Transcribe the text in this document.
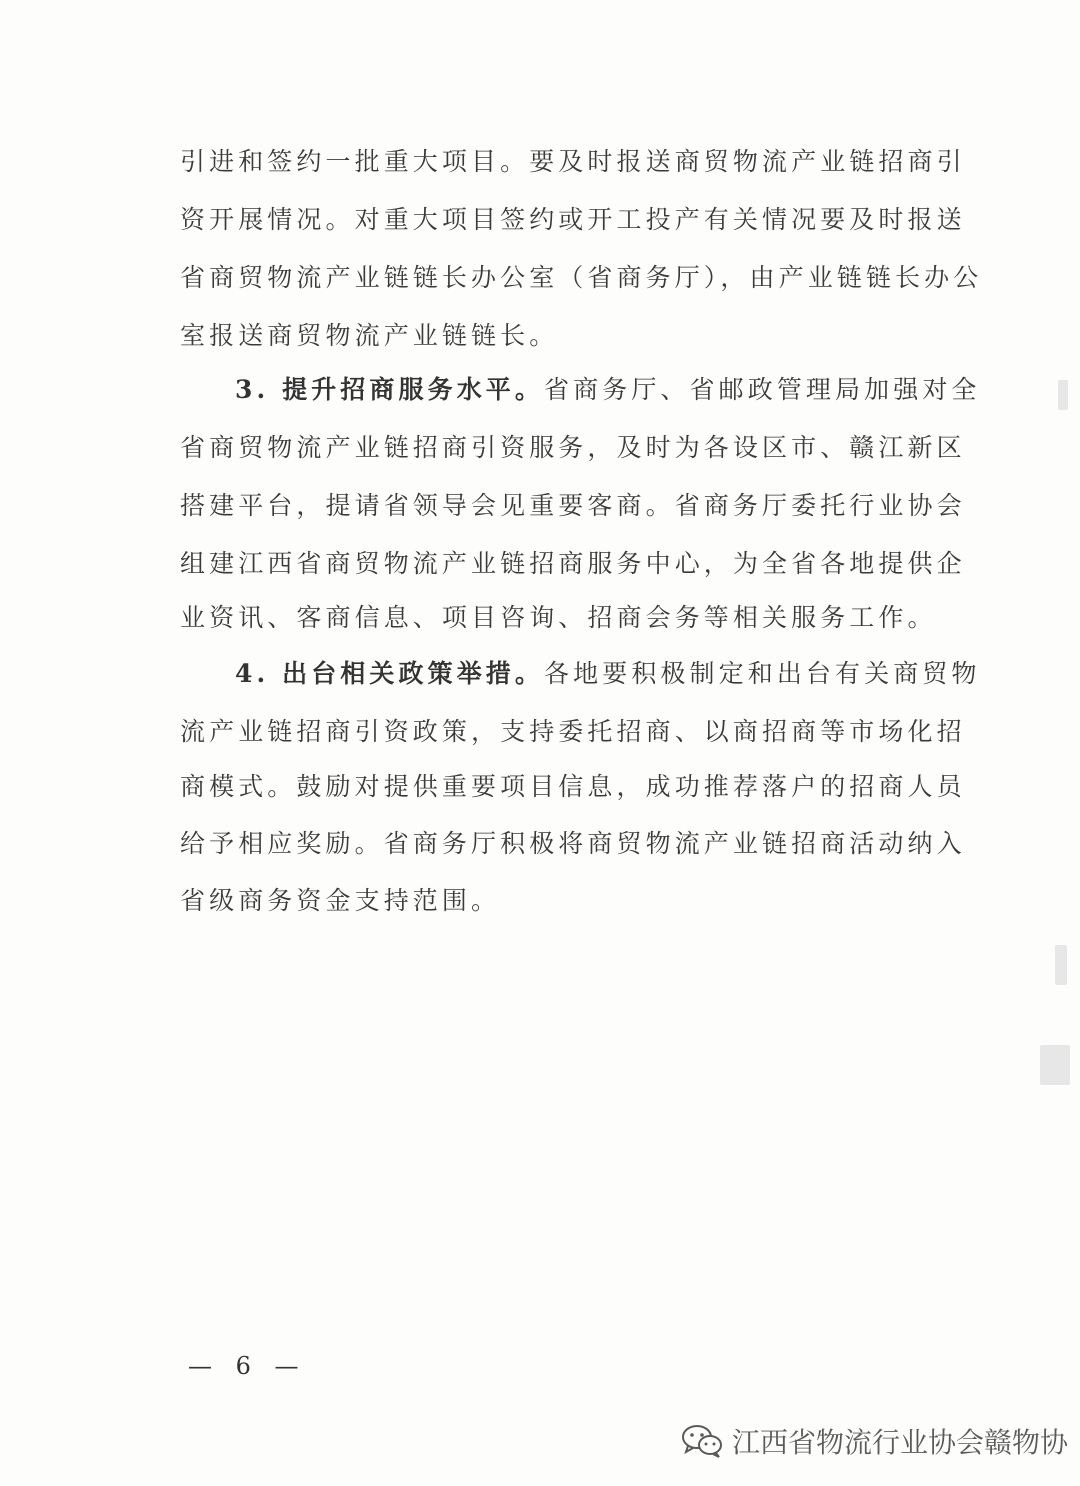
引进和签约一批重大项目。要及时报送商贸物流产业链招商引
资开展情况。对重大项目签约或开工投产有关情况要及时报送
省商贸物流产业链链长办公室（省商务厅），由产业链链长办公
室报送商贸物流产业链链长。
3. 提升招商服务水平。省商务厅、省邮政管理局加强对全
省商贸物流产业链招商引资服务，及时为各设区市、赣江新区
搭建平台，提请省领导会见重要客商。省商务厅委托行业协会
组建江西省商贸物流产业链招商服务中心，为全省各地提供企
业资讯、客商信息、项目咨询、招商会务等相关服务工作。
4. 出台相关政策举措。各地要积极制定和出台有关商贸物
流产业链招商引资政策，支持委托招商、以商招商等市场化招
商模式。鼓励对提供重要项目信息，成功推荐落户的招商人员
给予相应奖励。省商务厅积极将商贸物流产业链招商活动纳入
省级商务资金支持范围。
— 6 —
江西省物流行业协会赣物协
